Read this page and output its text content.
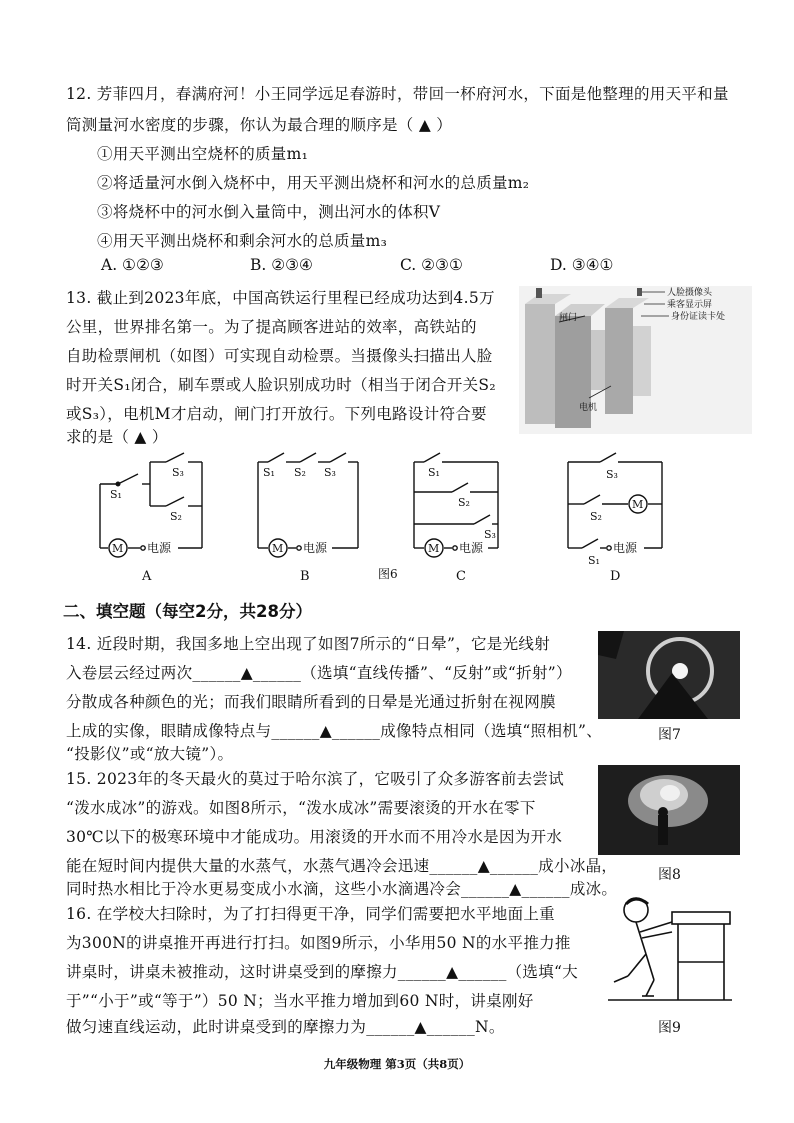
12. 芳菲四月，春满府河！小王同学远足春游时，带回一杯府河水，下面是他整理的用天平和量
筒测量河水密度的步骤，你认为最合理的顺序是（ ▲ ）
①用天平测出空烧杯的质量m₁
②将适量河水倒入烧杯中，用天平测出烧杯和河水的总质量m₂
③将烧杯中的河水倒入量筒中，测出河水的体积V
④用天平测出烧杯和剩余河水的总质量m₃
A. ①②③	B. ②③④	C. ②③①	D. ③④①
13. 截止到2023年底，中国高铁运行里程已经成功达到4.5万
公里，世界排名第一。为了提高顾客进站的效率，高铁站的
自助检票闸机（如图）可实现自动检票。当摄像头扫描出人脸
时开关S₁闭合，刷车票或人脸识别成功时（相当于闭合开关S₂
或S₃），电机M才启动，闸门打开放行。下列电路设计符合要
求的是（ ▲ ）
闸门
人脸摄像头
乘客显示屏
身份证读卡处
电机
M 电源
S₁
S₃
S₂
A
M 电源
S₁ S₂ S₃
B
M 电源
S₁
S₂
S₃
C
图6
M
电源
S₃
S₂
S₁
D
二、填空题（每空2分，共28分）
14. 近段时期，我国多地上空出现了如图7所示的“日晕”，它是光线射
入卷层云经过两次______▲______（选填“直线传播”、“反射”或“折射”）
分散成各种颜色的光；而我们眼睛所看到的日晕是光通过折射在视网膜
上成的实像，眼睛成像特点与______▲______成像特点相同（选填“照相机”、
“投影仪”或“放大镜”）。
图7
15. 2023年的冬天最火的莫过于哈尔滨了，它吸引了众多游客前去尝试
“泼水成冰”的游戏。如图8所示，“泼水成冰”需要滚烫的开水在零下
30℃以下的极寒环境中才能成功。用滚烫的开水而不用冷水是因为开水
能在短时间内提供大量的水蒸气，水蒸气遇冷会迅速______▲______成小冰晶，
同时热水相比于冷水更易变成小水滴，这些小水滴遇冷会______▲______成冰。
图8
16. 在学校大扫除时，为了打扫得更干净，同学们需要把水平地面上重
为300N的讲桌推开再进行打扫。如图9所示，小华用50 N的水平推力推
讲桌时，讲桌未被推动，这时讲桌受到的摩擦力______▲______（选填“大
于”“小于”或“等于”）50 N；当水平推力增加到60 N时，讲桌刚好
做匀速直线运动，此时讲桌受到的摩擦力为______▲______N。	图9
九年级物理 第3页（共8页）
